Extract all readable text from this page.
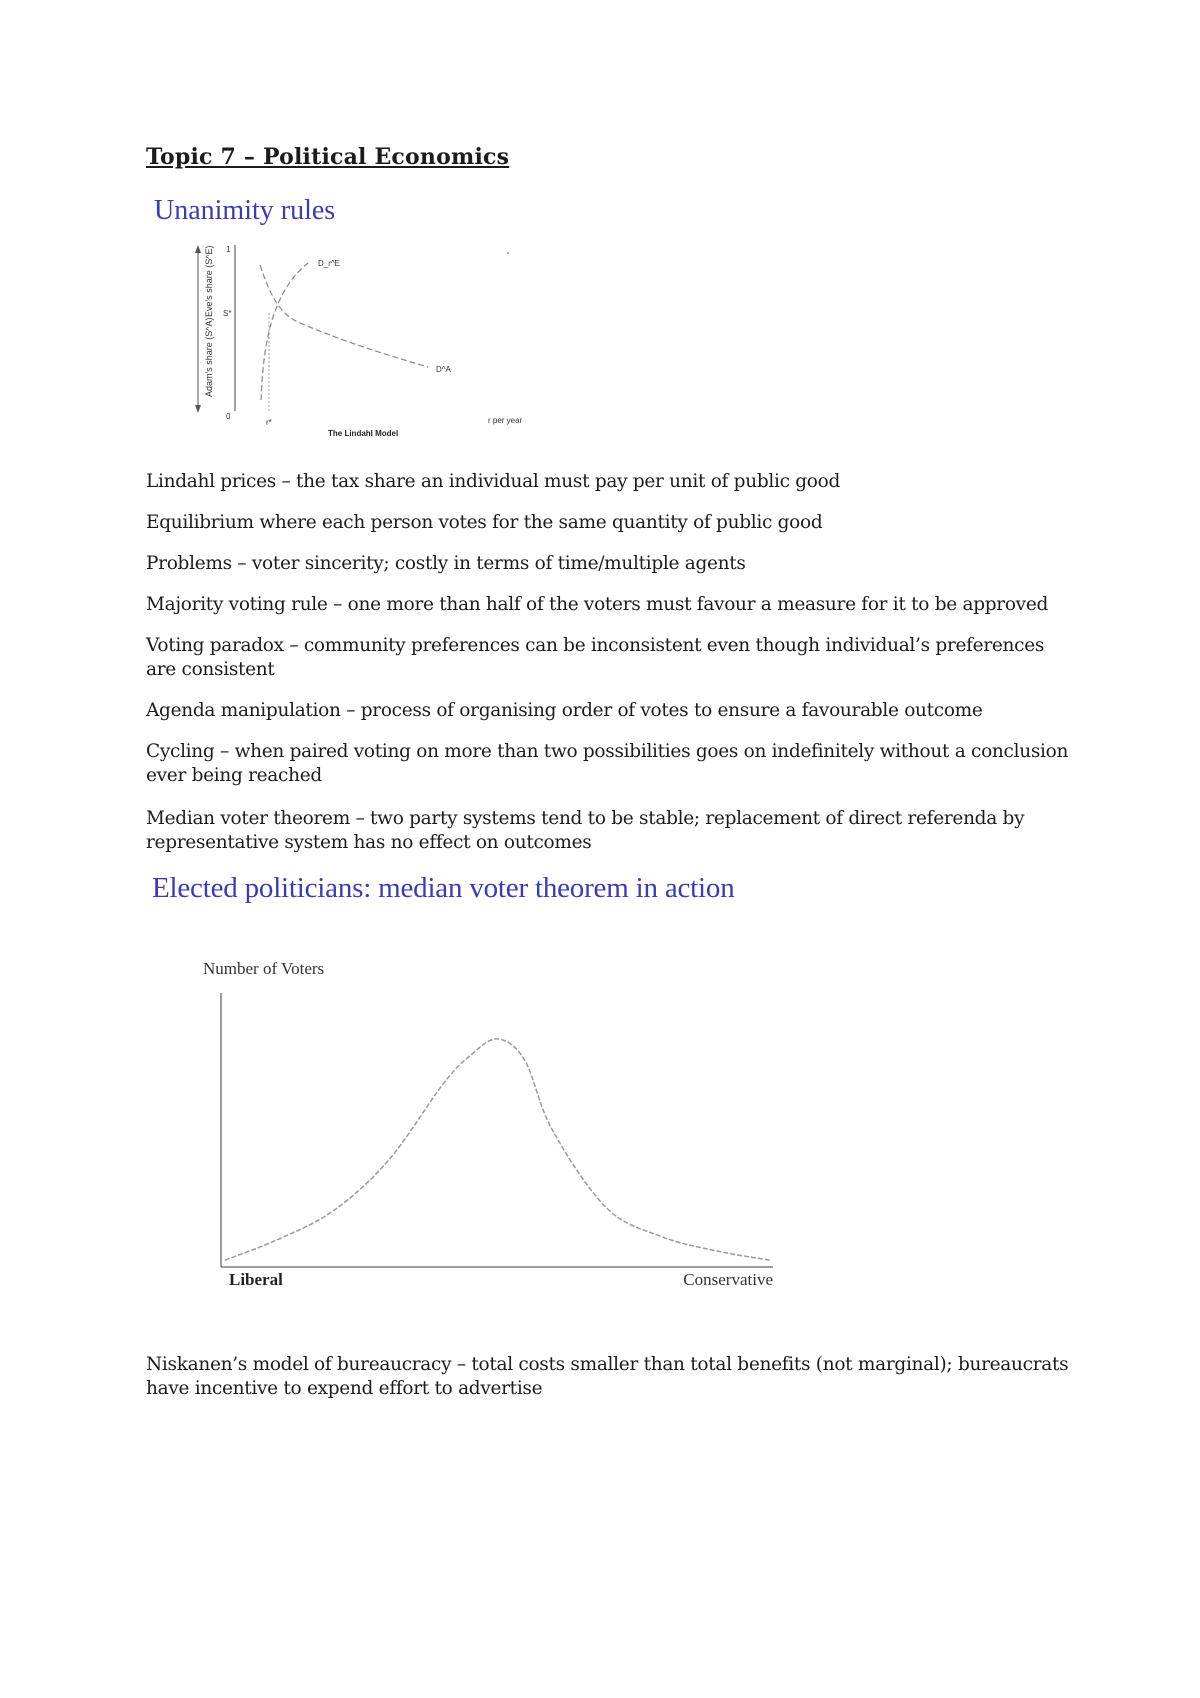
Topic 7 – Political Economics
Unanimity rules
Eve's share (S^E)
Adam's share (S^A)
1
S*
0
r*
D_r^E
D^A
r per year
The Lindahl Model
Lindahl prices – the tax share an individual must pay per unit of public good
Equilibrium where each person votes for the same quantity of public good
Problems – voter sincerity; costly in terms of time/multiple agents
Majority voting rule – one more than half of the voters must favour a measure for it to be approved
Voting paradox – community preferences can be inconsistent even though individual’s preferences are consistent
Agenda manipulation – process of organising order of votes to ensure a favourable outcome
Cycling – when paired voting on more than two possibilities goes on indefinitely without a conclusion ever being reached
Median voter theorem – two party systems tend to be stable; replacement of direct referenda by representative system has no effect on outcomes
Elected politicians: median voter theorem in action
Number of Voters
Liberal	Conservative
Niskanen’s model of bureaucracy – total costs smaller than total benefits (not marginal); bureaucrats have incentive to expend effort to advertise
